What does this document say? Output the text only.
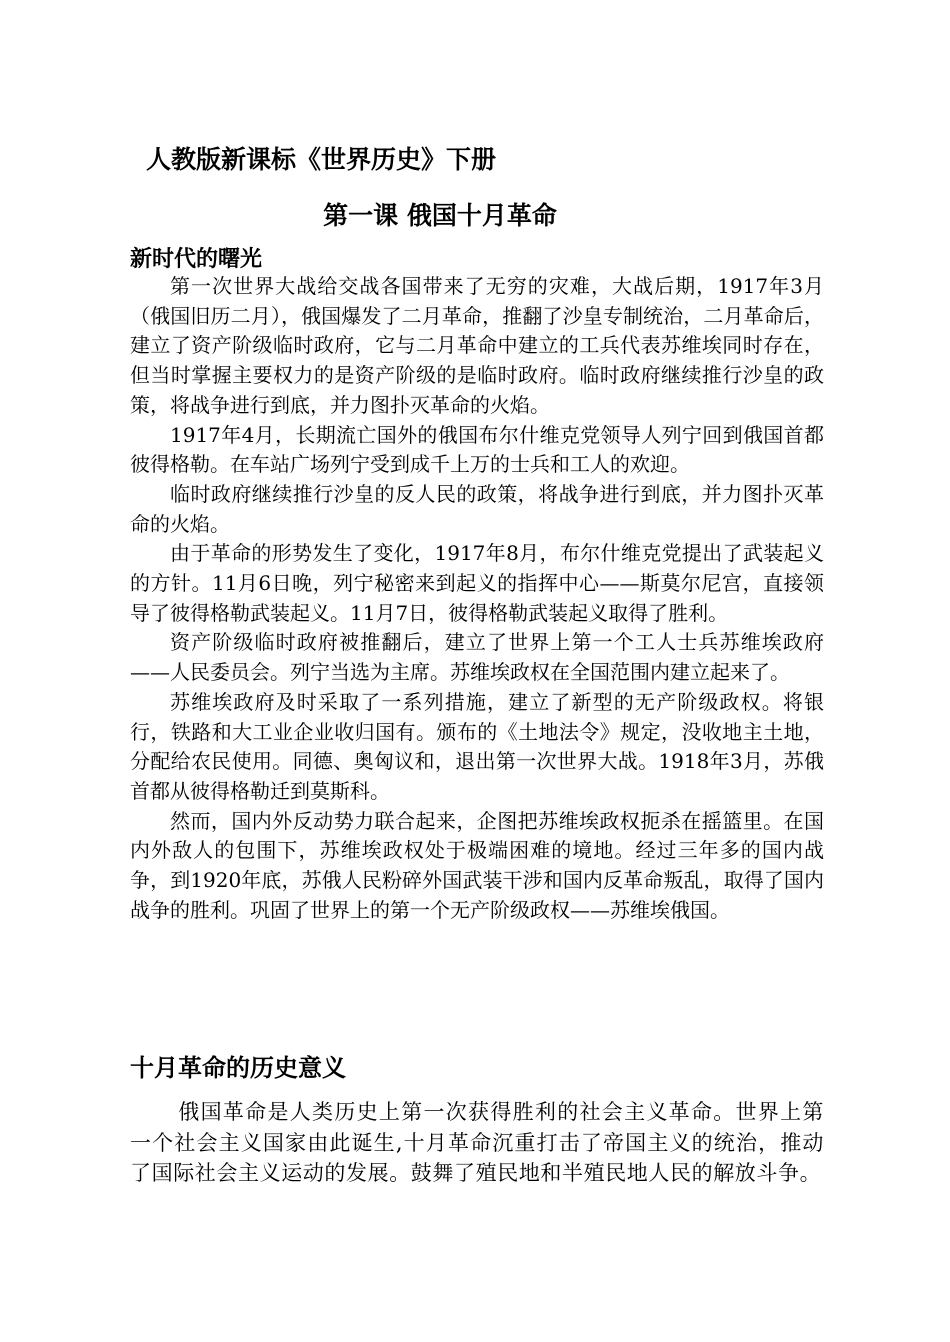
人教版新课标《世界历史》下册
第一课 俄国十月革命
新时代的曙光

第一次世界大战给交战各国带来了无穷的灾难，大战后期，1917年3月（俄国旧历二月），俄国爆发了二月革命，推翻了沙皇专制统治，二月革命后，建立了资产阶级临时政府，它与二月革命中建立的工兵代表苏维埃同时存在，但当时掌握主要权力的是资产阶级的是临时政府。临时政府继续推行沙皇的政策，将战争进行到底，并力图扑灭革命的火焰。

1917年4月，长期流亡国外的俄国布尔什维克党领导人列宁回到俄国首都彼得格勒。在车站广场列宁受到成千上万的士兵和工人的欢迎。

临时政府继续推行沙皇的反人民的政策，将战争进行到底，并力图扑灭革命的火焰。

由于革命的形势发生了变化，1917年8月，布尔什维克党提出了武装起义的方针。11月6日晚，列宁秘密来到起义的指挥中心——斯莫尔尼宫，直接领导了彼得格勒武装起义。11月7日，彼得格勒武装起义取得了胜利。

资产阶级临时政府被推翻后，建立了世界上第一个工人士兵苏维埃政府——人民委员会。列宁当选为主席。苏维埃政权在全国范围内建立起来了。

苏维埃政府及时采取了一系列措施，建立了新型的无产阶级政权。将银行，铁路和大工业企业收归国有。颁布的《土地法令》规定，没收地主土地，分配给农民使用。同德、奥匈议和，退出第一次世界大战。1918年3月，苏俄首都从彼得格勒迁到莫斯科。

然而，国内外反动势力联合起来，企图把苏维埃政权扼杀在摇篮里。在国内外敌人的包围下，苏维埃政权处于极端困难的境地。经过三年多的国内战争，到1920年底，苏俄人民粉碎外国武装干涉和国内反革命叛乱，取得了国内战争的胜利。巩固了世界上的第一个无产阶级政权——苏维埃俄国。

十月革命的历史意义

俄国革命是人类历史上第一次获得胜利的社会主义革命。世界上第一个社会主义国家由此诞生,十月革命沉重打击了帝国主义的统治，推动了国际社会主义运动的发展。鼓舞了殖民地和半殖民地人民的解放斗争。
